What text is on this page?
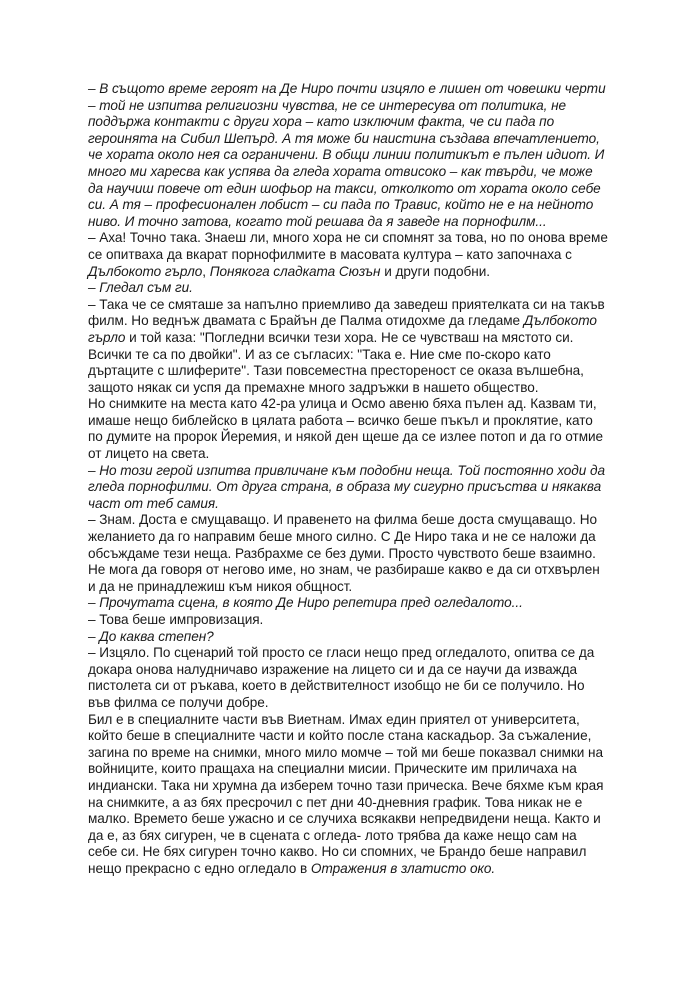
– В същото време героят на Де Ниро почти изцяло е лишен от човешки черти – той не изпитва религиозни чувства, не се интересува от политика, не поддържа контакти с други хора – като изключим факта, че си пада по героинята на Сибил Шепърд. А тя може би наистина създава впечатлението, че хората около нея са ограничени. В общи линии политикът е пълен идиот. И много ми харесва как успява да гледа хората отвисоко – как твърди, че може да научиш повече от един шофьор на такси, отколкото от хората около себе си. А тя – професионален лобист – си пада по Травис, който не е на нейното ниво. И точно затова, когато той решава да я заведе на порнофилм...

– Аха! Точно така. Знаеш ли, много хора не си спомнят за това, но по онова време се опитваха да вкарат порнофилмите в масовата култура – като започнаха с Дълбокото гърло, Понякога сладката Сюзън и други подобни.

– Гледал съм ги.

– Така че се смяташе за напълно приемливо да заведеш приятелката си на такъв филм. Но веднъж двамата с Брайън де Палма отидохме да гледаме Дълбокото гърло и той каза: "Погледни всички тези хора. Не се чувстваш на мястото си. Всички те са по двойки". И аз се съгласих: "Така е. Ние сме по-скоро като дъртаците с шлиферите". Тази повсеместна престореност се оказа вълшебна, защото някак си успя да премахне много задръжки в нашето общество.

Но снимките на места като 42-ра улица и Осмо авеню бяха пълен ад. Казвам ти, имаше нещо библейско в цялата работа – всичко беше пъкъл и проклятие, като по думите на пророк Йеремия, и някой ден щеше да се излее потоп и да го отмие от лицето на света.

– Но този герой изпитва привличане към подобни неща. Той постоянно ходи да гледа порнофилми. От друга страна, в образа му сигурно присъства и някаква част от теб самия.

– Знам. Доста е смущаващо. И правенето на филма беше доста смущаващо. Но желанието да го направим беше много силно. С Де Ниро така и не се наложи да обсъждаме тези неща. Разбрахме се без думи. Просто чувството беше взаимно. Не мога да говоря от негово име, но знам, че разбираше какво е да си отхвърлен и да не принадлежиш към никоя общност.

– Прочутата сцена, в която Де Ниро репетира пред огледалото...

– Това беше импровизация.

– До каква степен?

– Изцяло. По сценарий той просто се гласи нещо пред огледалото, опитва се да докара онова налудничаво изражение на лицето си и да се научи да изважда пистолета си от ръкава, което в действителност изобщо не би се получило. Но във филма се получи добре.

Бил е в специалните части във Виетнам. Имах един приятел от университета, който беше в специалните части и който после стана каскадьор. За съжаление, загина по време на снимки, много мило момче – той ми беше показвал снимки на войниците, които пращаха на специални мисии. Прическите им приличаха на индиански. Така ни хрумна да изберем точно тази прическа. Вече бяхме към края на снимките, а аз бях пресрочил с пет дни 40-дневния график. Това никак не е малко. Времето беше ужасно и се случиха всякакви непредвидени неща. Както и да е, аз бях сигурен, че в сцената с оглeда- лото трябва да каже нещо сам на себе си. Не бях сигурен точно какво. Но си спомних, че Брандо беше направил нещо прекрасно с едно огледало в Отражения в златисто око.
